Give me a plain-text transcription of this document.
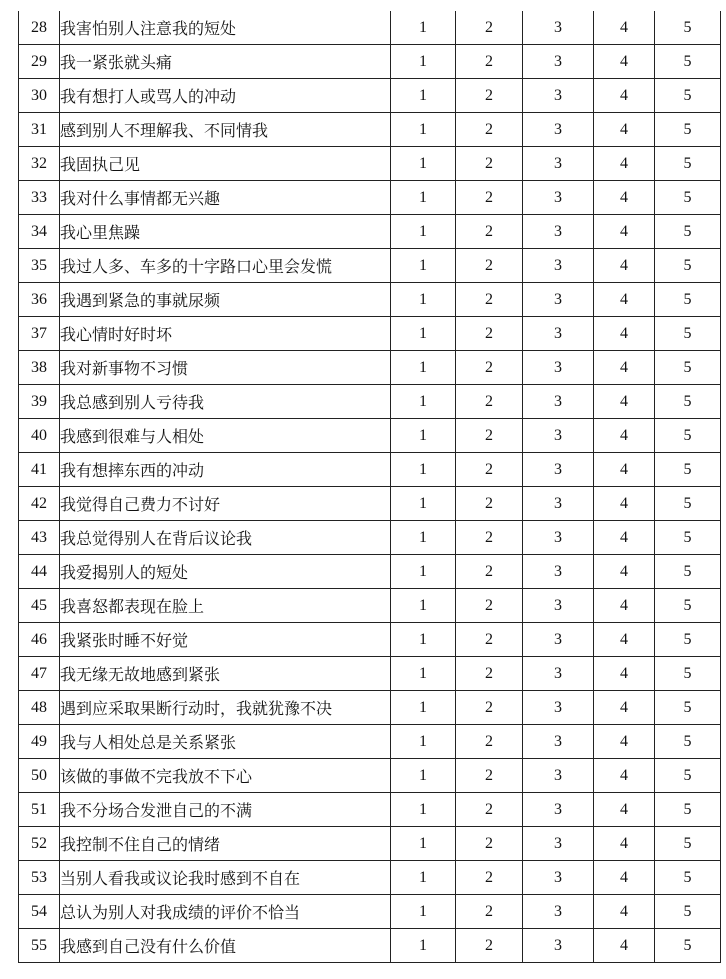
28	我害怕别人注意我的短处	1	2	3	4	5
29	我一紧张就头痛	1	2	3	4	5
30	我有想打人或骂人的冲动	1	2	3	4	5
31	感到别人不理解我、不同情我	1	2	3	4	5
32	我固执己见	1	2	3	4	5
33	我对什么事情都无兴趣	1	2	3	4	5
34	我心里焦躁	1	2	3	4	5
35	我过人多、车多的十字路口心里会发慌	1	2	3	4	5
36	我遇到紧急的事就尿频	1	2	3	4	5
37	我心情时好时坏	1	2	3	4	5
38	我对新事物不习惯	1	2	3	4	5
39	我总感到别人亏待我	1	2	3	4	5
40	我感到很难与人相处	1	2	3	4	5
41	我有想摔东西的冲动	1	2	3	4	5
42	我觉得自己费力不讨好	1	2	3	4	5
43	我总觉得别人在背后议论我	1	2	3	4	5
44	我爱揭别人的短处	1	2	3	4	5
45	我喜怒都表现在脸上	1	2	3	4	5
46	我紧张时睡不好觉	1	2	3	4	5
47	我无缘无故地感到紧张	1	2	3	4	5
48	遇到应采取果断行动时，我就犹豫不决	1	2	3	4	5
49	我与人相处总是关系紧张	1	2	3	4	5
50	该做的事做不完我放不下心	1	2	3	4	5
51	我不分场合发泄自己的不满	1	2	3	4	5
52	我控制不住自己的情绪	1	2	3	4	5
53	当别人看我或议论我时感到不自在	1	2	3	4	5
54	总认为别人对我成绩的评价不恰当	1	2	3	4	5
55	我感到自己没有什么价值	1	2	3	4	5
